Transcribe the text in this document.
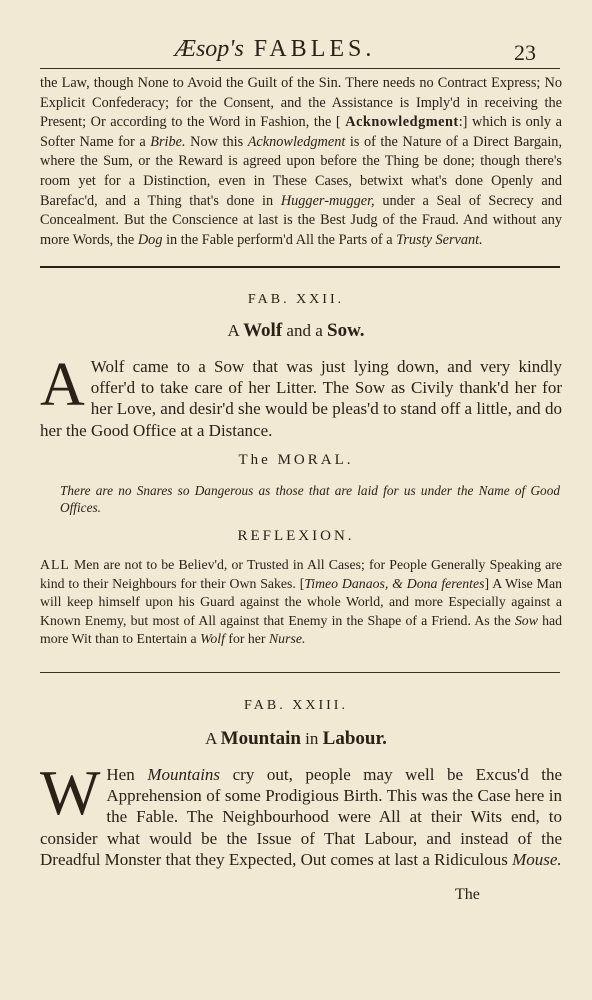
Æsop's FABLES.	23
the Law, though None to Avoid the Guilt of the Sin. There needs no Contract Express; No Explicit Confederacy; for the Consent, and the Assistance is Imply'd in receiving the Present; Or according to the Word in Fashion, the [ Acknowledgment:] which is only a Softer Name for a Bribe. Now this Acknowledgment is of the Nature of a Direct Bargain, where the Sum, or the Reward is agreed upon before the Thing be done; though there's room yet for a Distinction, even in These Cases, betwixt what's done Openly and Barefac'd, and a Thing that's done in Hugger-mugger, under a Seal of Secrecy and Concealment. But the Conscience at last is the Best Judg of the Fraud. And without any more Words, the Dog in the Fable perform'd All the Parts of a Trusty Servant.
FAB. XXII.
A Wolf and a Sow.
A Wolf came to a Sow that was just lying down, and very kindly offer'd to take care of her Litter. The Sow as Civily thank'd her for her Love, and desir'd she would be pleas'd to stand off a little, and do her the Good Office at a Distance.
The MORAL.
There are no Snares so Dangerous as those that are laid for us under the Name of Good Offices.
REFLEXION.
ALL Men are not to be Believ'd, or Trusted in All Cases; for People Generally Speaking are kind to their Neighbours for their Own Sakes. [Timeo Danaos, & Dona ferentes] A Wise Man will keep himself upon his Guard against the whole World, and more Especially against a Known Enemy, but most of All against that Enemy in the Shape of a Friend. As the Sow had more Wit than to Entertain a Wolf for her Nurse.
FAB. XXIII.
A Mountain in Labour.
W Hen Mountains cry out, people may well be Excus'd the Apprehension of some Prodigious Birth. This was the Case here in the Fable. The Neighbourhood were All at their Wits end, to consider what would be the Issue of That Labour, and instead of the Dreadful Monster that they Expected, Out comes at last a Ridiculous Mouse.
The
